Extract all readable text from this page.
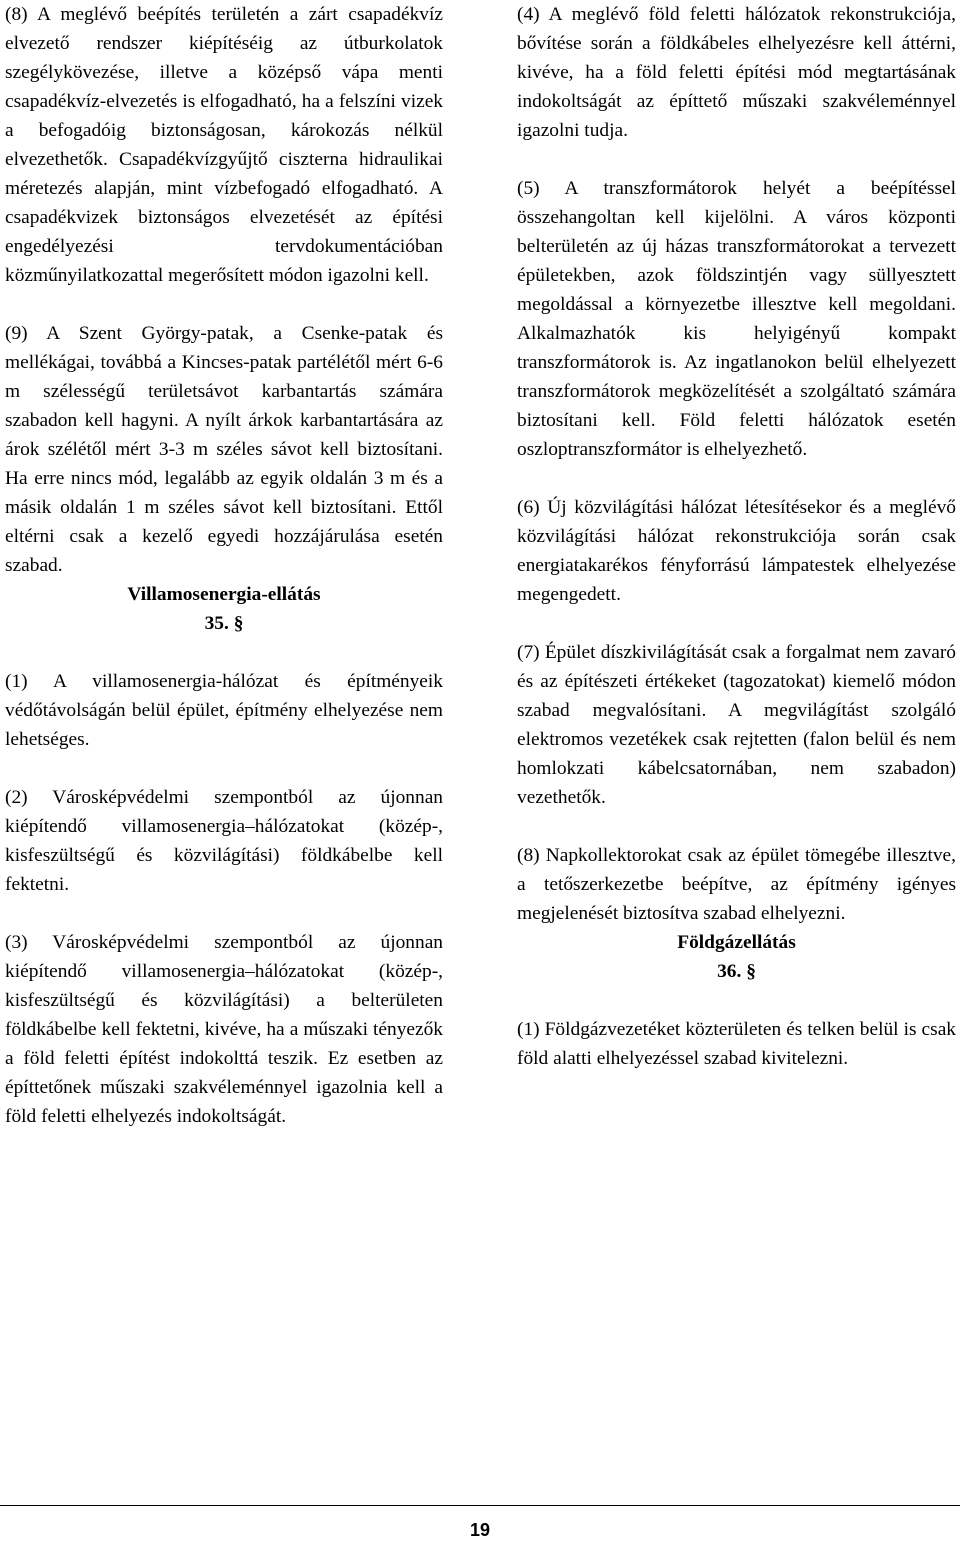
(8) A meglévő beépítés területén a zárt csapadékvíz elvezető rendszer kiépítéséig az útburkolatok szegélykövezése, illetve a középső vápa menti csapadékvíz-elvezetés is elfogadható, ha a felszíni vizek a befogadóig biztonságosan, károkozás nélkül elvezethetők. Csapadékvízgyűjtő ciszterna hidraulikai méretezés alapján, mint vízbefogadó elfogadható. A csapadékvizek biztonságos elvezetését az építési engedélyezési tervdokumentációban közműnyilatkozattal megerősített módon igazolni kell.

(9) A Szent György-patak, a Csenke-patak és mellékágai, továbbá a Kincses-patak partélétől mért 6-6 m szélességű területsávot karbantartás számára szabadon kell hagyni. A nyílt árkok karbantartására az árok szélétől mért 3-3 m széles sávot kell biztosítani. Ha erre nincs mód, legalább az egyik oldalán 3 m és a másik oldalán 1 m széles sávot kell biztosítani. Ettől eltérni csak a kezelő egyedi hozzájárulása esetén szabad.

Villamosenergia-ellátás

35. §

(1) A villamosenergia-hálózat és építményeik védőtávolságán belül épület, építmény elhelyezése nem lehetséges.

(2) Városképvédelmi szempontból az újonnan kiépítendő villamosenergia–hálózatokat (közép-, kisfeszültségű és közvilágítási) földkábelbe kell fektetni.

(3) Városképvédelmi szempontból az újonnan kiépítendő villamosenergia–hálózatokat (közép-, kisfeszültségű és közvilágítási) a belterületen földkábelbe kell fektetni, kivéve, ha a műszaki tényezők a föld feletti építést indokolttá teszik. Ez esetben az építtetőnek műszaki szakvéleménnyel igazolnia kell a föld feletti elhelyezés indokoltságát.

(4) A meglévő föld feletti hálózatok rekonstrukciója, bővítése során a földkábeles elhelyezésre kell áttérni, kivéve, ha a föld feletti építési mód megtartásának indokoltságát az építtető műszaki szakvéleménnyel igazolni tudja.

(5) A transzformátorok helyét a beépítéssel összehangoltan kell kijelölni. A város központi belterületén az új házas transzformátorokat a tervezett épületekben, azok földszintjén vagy süllyesztett megoldással a környezetbe illesztve kell megoldani. Alkalmazhatók kis helyigényű kompakt transzformátorok is. Az ingatlanokon belül elhelyezett transzformátorok megközelítését a szolgáltató számára biztosítani kell. Föld feletti hálózatok esetén oszloptranszformátor is elhelyezhető.

(6) Új közvilágítási hálózat létesítésekor és a meglévő közvilágítási hálózat rekonstrukciója során csak energiatakarékos fényforrású lámpatestek elhelyezése megengedett.

(7) Épület díszkivilágítását csak a forgalmat nem zavaró és az építészeti értékeket (tagozatokat) kiemelő módon szabad megvalósítani. A megvilágítást szolgáló elektromos vezetékek csak rejtetten (falon belül és nem homlokzati kábelcsatornában, nem szabadon) vezethetők.

(8) Napkollektorokat csak az épület tömegébe illesztve, a tetőszerkezetbe beépítve, az építmény igényes megjelenését biztosítva szabad elhelyezni.

Földgázellátás

36. §

(1) Földgázvezetéket közterületen és telken belül is csak föld alatti elhelyezéssel szabad kivitelezni.

19
